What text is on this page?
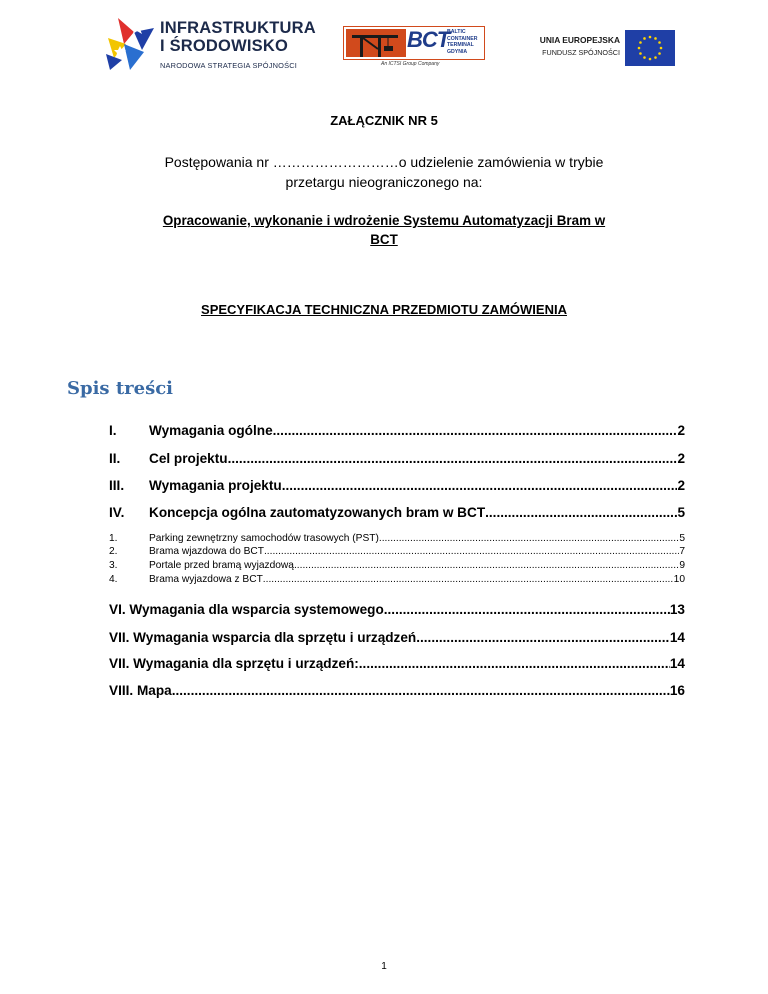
INFRASTRUKTURA
I ŚRODOWISKO
NARODOWA STRATEGIA SPÓJNOŚCI
BCT
BALTIC
CONTAINER
TERMINAL
GDYNIA
An ICTSI Group Company
UNIA EUROPEJSKA
FUNDUSZ SPÓJNOŚCI
ZAŁĄCZNIK NR 5
Postępowania nr ………………………o udzielenie zamówienia w trybie
przetargu nieograniczonego na:
Opracowanie, wykonanie i wdrożenie Systemu Automatyzacji Bram w
BCT
SPECYFIKACJA TECHNICZNA PRZEDMIOTU ZAMÓWIENIA
Spis treści
I.	Wymagania ogólne .....	2
II.	Cel projektu .....	2
III.	Wymagania projektu .....	2
IV.	Koncepcja ogólna zautomatyzowanych bram w BCT .....	5
1.	Parking zewnętrzny samochodów trasowych (PST) .....	5
2.	Brama wjazdowa do BCT .....	7
3.	Portale przed bramą wyjazdową .....	9
4.	Brama wyjazdowa z BCT .....	10
VI. Wymagania dla wsparcia systemowego .....	13
VII. Wymagania wsparcia dla sprzętu i urządzeń .....	14
VII. Wymagania dla sprzętu i urządzeń: .....	14
VIII. Mapa .....	16
1
